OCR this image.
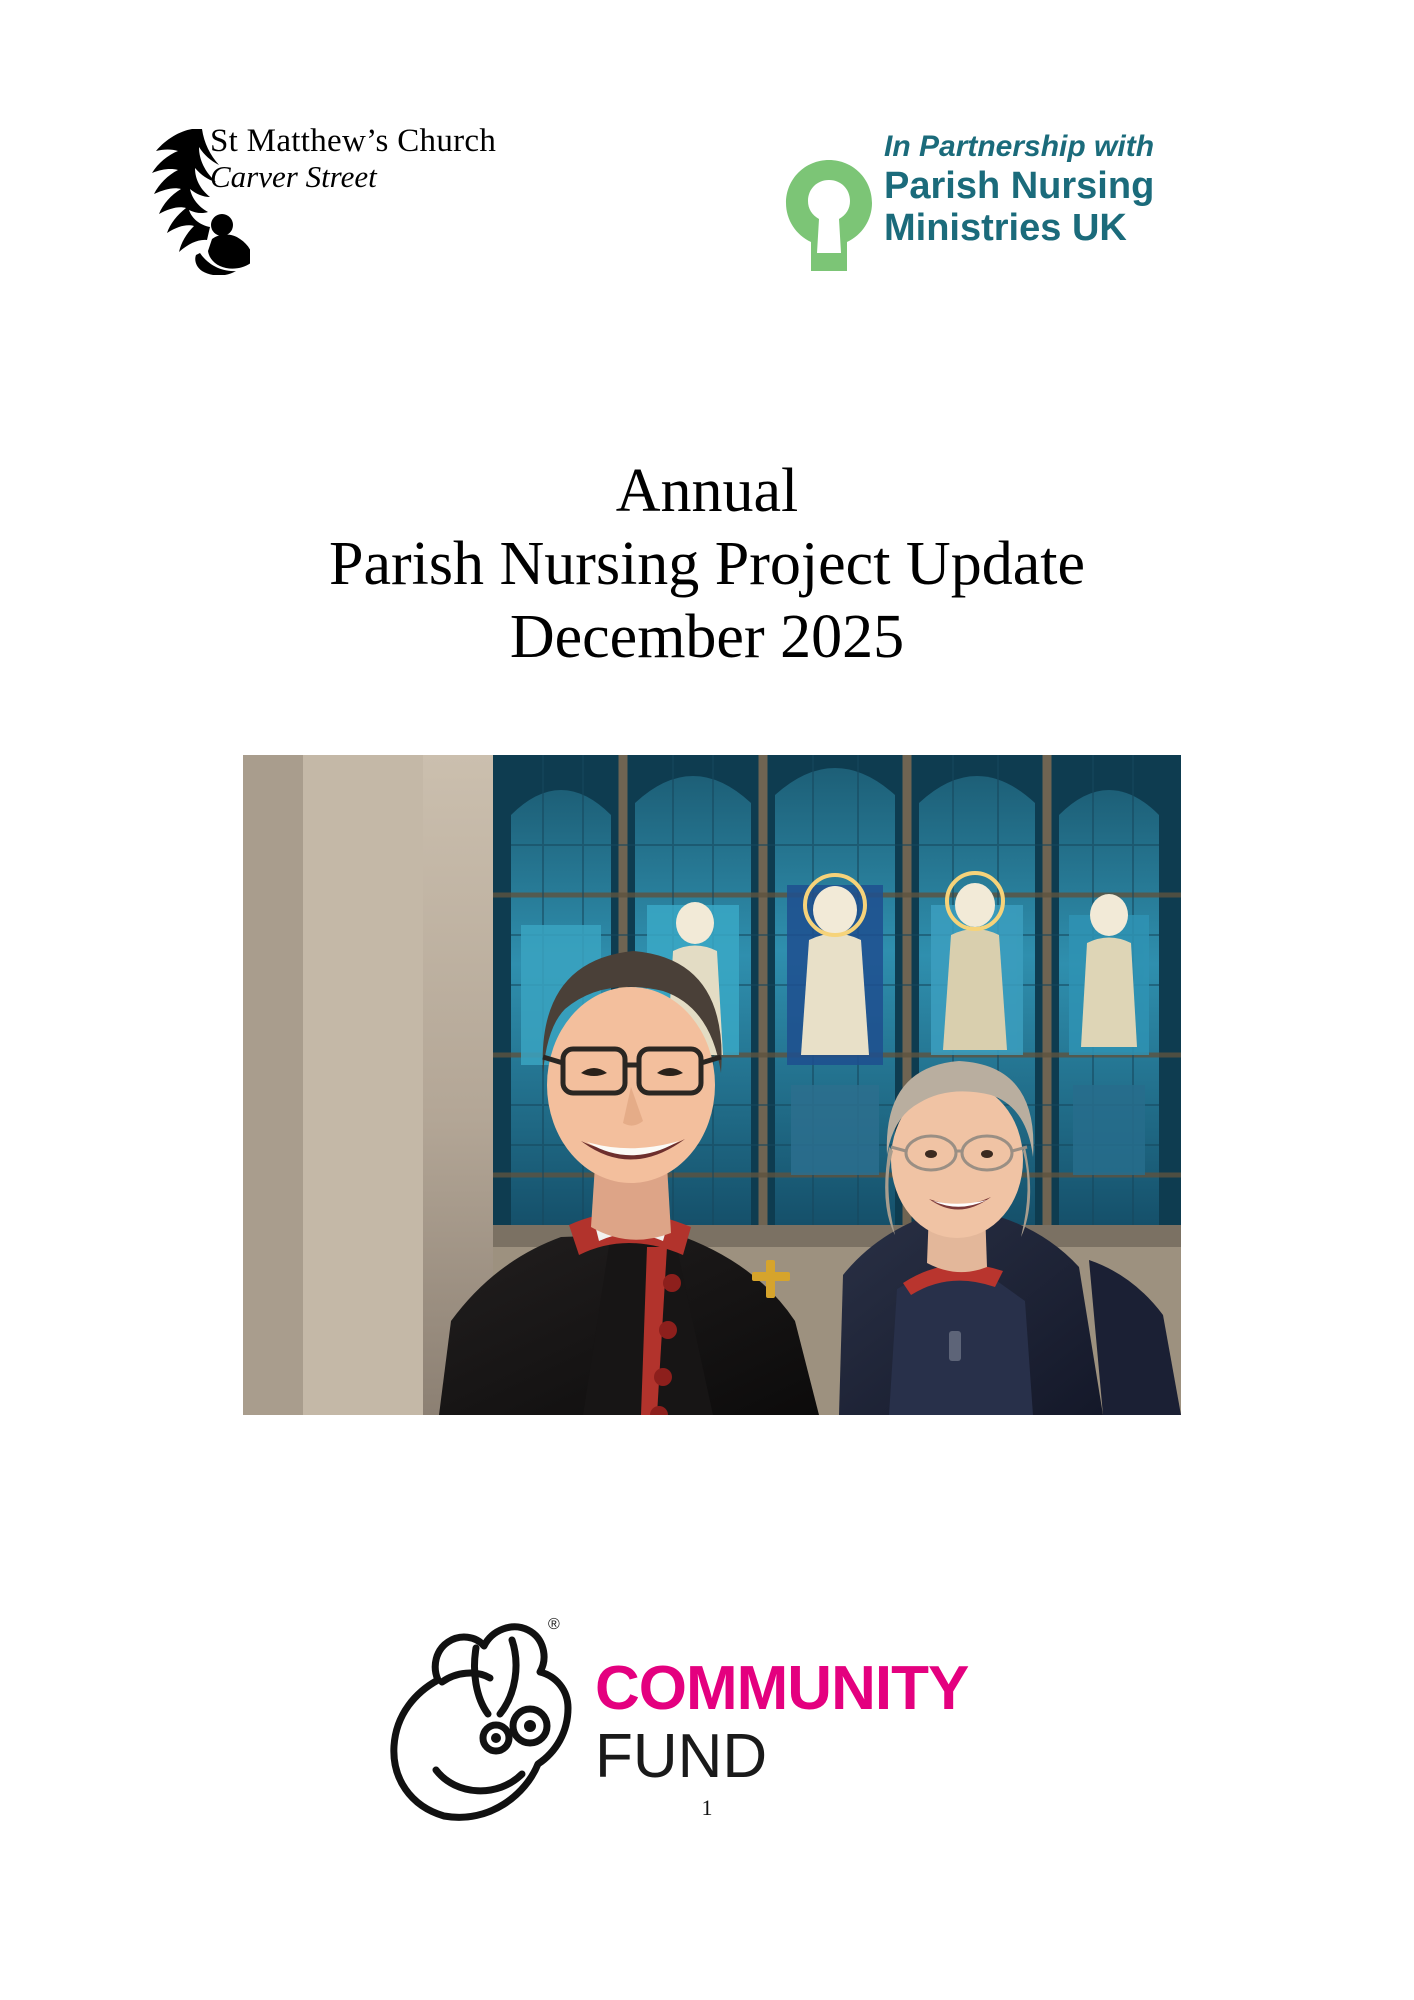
St Matthew’s Church
Carver Street
In Partnership with
Parish Nursing
Ministries UK
Annual
Parish Nursing Project Update
December 2025
®
COMMUNITY
FUND
1
